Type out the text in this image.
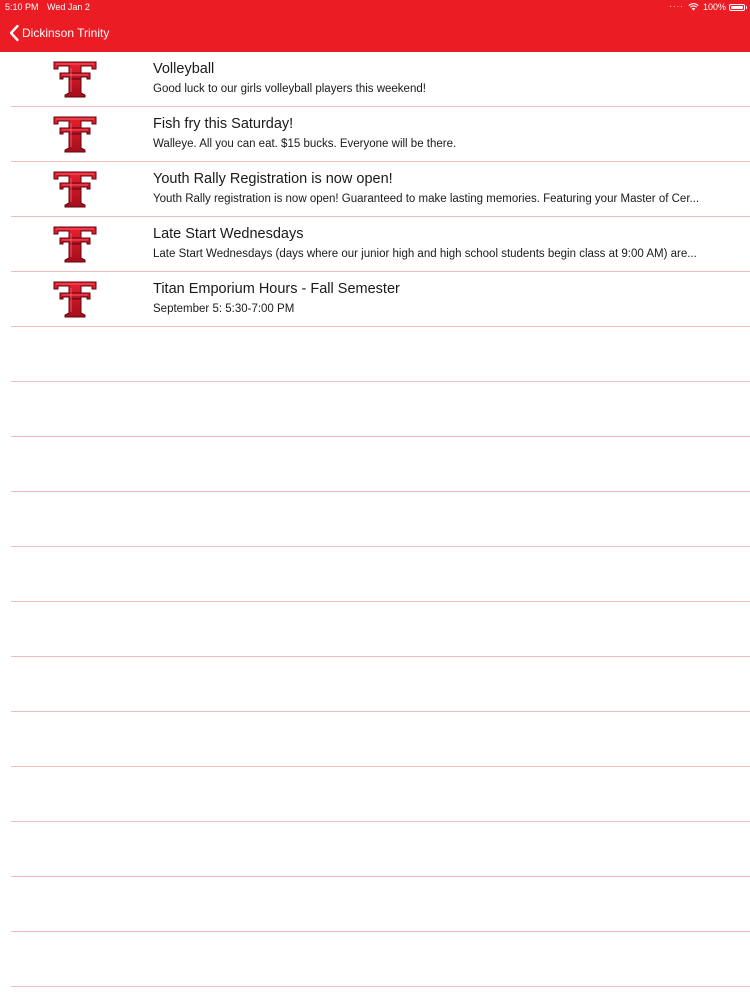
5:10 PM Wed Jan 2	···· 100%
Dickinson Trinity
Volleyball
Good luck to our girls volleyball players this weekend!
Fish fry this Saturday!
Walleye. All you can eat. $15 bucks. Everyone will be there.
Youth Rally Registration is now open!
Youth Rally registration is now open! Guaranteed to make lasting memories. Featuring your Master of Cer...
Late Start Wednesdays
Late Start Wednesdays (days where our junior high and high school students begin class at 9:00 AM) are...
Titan Emporium Hours - Fall Semester
September 5: 5:30-7:00 PM
